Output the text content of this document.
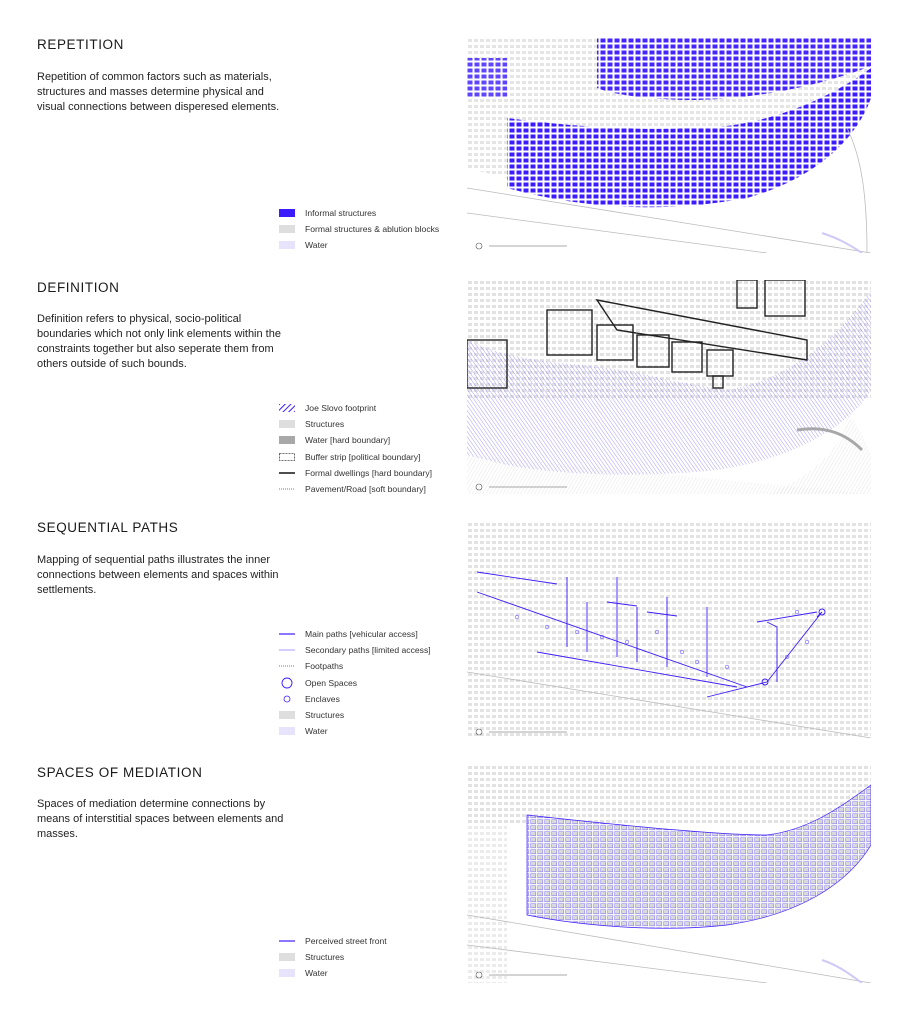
REPETITION
Repetition of common factors such as materials, structures and masses determine physical and visual connections between disperesed elements.
Informal structures
Formal structures & ablution blocks
Water
DEFINITION
Definition refers to physical, socio-political boundaries which not only link elements within the constraints together but also seperate them from others outside of such bounds.
Joe Slovo footprint
Structures
Water [hard boundary]
Buffer strip [political boundary]
Formal dwellings [hard boundary]
Pavement/Road [soft boundary]
SEQUENTIAL PATHS
Mapping of sequential paths illustrates the inner connections between elements and spaces within settlements.
Main paths [vehicular access]
Secondary paths [limited access]
Footpaths
Open Spaces
Enclaves
Structures
Water
SPACES OF MEDIATION
Spaces of mediation determine connections by means of interstitial spaces between elements and masses.
Perceived street front
Structures
Water
